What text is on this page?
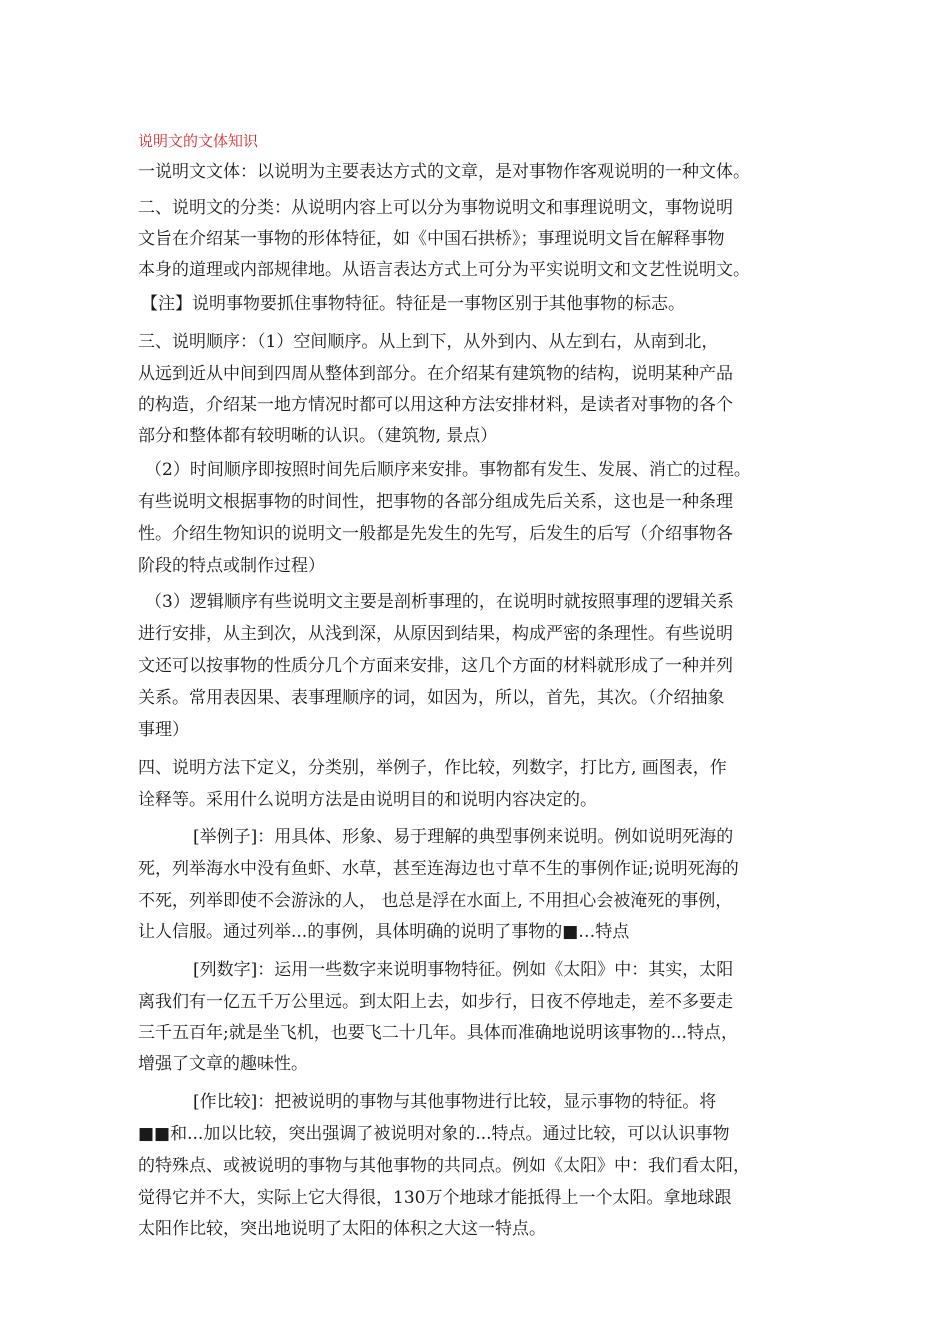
说明文的文体知识
一说明文文体：以说明为主要表达方式的文章，是对事物作客观说明的一种文体。
二、说明文的分类：从说明内容上可以分为事物说明文和事理说明文，事物说明
文旨在介绍某一事物的形体特征，如《中国石拱桥》；事理说明文旨在解释事物
本身的道理或内部规律地。从语言表达方式上可分为平实说明文和文艺性说明文。
【注】说明事物要抓住事物特征。特征是一事物区别于其他事物的标志。
三、说明顺序：（1）空间顺序。从上到下，从外到内、从左到右，从南到北，
从远到近从中间到四周从整体到部分。在介绍某有建筑物的结构，说明某种产品
的构造，介绍某一地方情况时都可以用这种方法安排材料，是读者对事物的各个
部分和整体都有较明晰的认识。（建筑物, 景点）
（2）时间顺序即按照时间先后顺序来安排。事物都有发生、发展、消亡的过程。
有些说明文根据事物的时间性，把事物的各部分组成先后关系，这也是一种条理
性。介绍生物知识的说明文一般都是先发生的先写，后发生的后写（介绍事物各
阶段的特点或制作过程）
（3）逻辑顺序有些说明文主要是剖析事理的，在说明时就按照事理的逻辑关系
进行安排，从主到次，从浅到深，从原因到结果，构成严密的条理性。有些说明
文还可以按事物的性质分几个方面来安排，这几个方面的材料就形成了一种并列
关系。常用表因果、表事理顺序的词，如因为，所以，首先，其次。（介绍抽象
事理）
四、说明方法下定义，分类别，举例子，作比较，列数字，打比方, 画图表，作
诠释等。采用什么说明方法是由说明目的和说明内容决定的。
[举例子]：用具体、形象、易于理解的典型事例来说明。例如说明死海的
死，列举海水中没有鱼虾、水草，甚至连海边也寸草不生的事例作证;说明死海的
不死，列举即使不会游泳的人， 也总是浮在水面上, 不用担心会被淹死的事例，
让人信服。通过列举...的事例，具体明确的说明了事物的■…特点
[列数字]：运用一些数字来说明事物特征。例如《太阳》中：其实，太阳
离我们有一亿五千万公里远。到太阳上去，如步行，日夜不停地走，差不多要走
三千五百年;就是坐飞机，也要飞二十几年。具体而准确地说明该事物的...特点，
增强了文章的趣味性。
[作比较]：把被说明的事物与其他事物进行比较，显示事物的特征。将
■■和...加以比较，突出强调了被说明对象的...特点。通过比较，可以认识事物
的特殊点、或被说明的事物与其他事物的共同点。例如《太阳》中：我们看太阳，
觉得它并不大，实际上它大得很，130万个地球才能抵得上一个太阳。拿地球跟
太阳作比较，突出地说明了太阳的体积之大这一特点。
